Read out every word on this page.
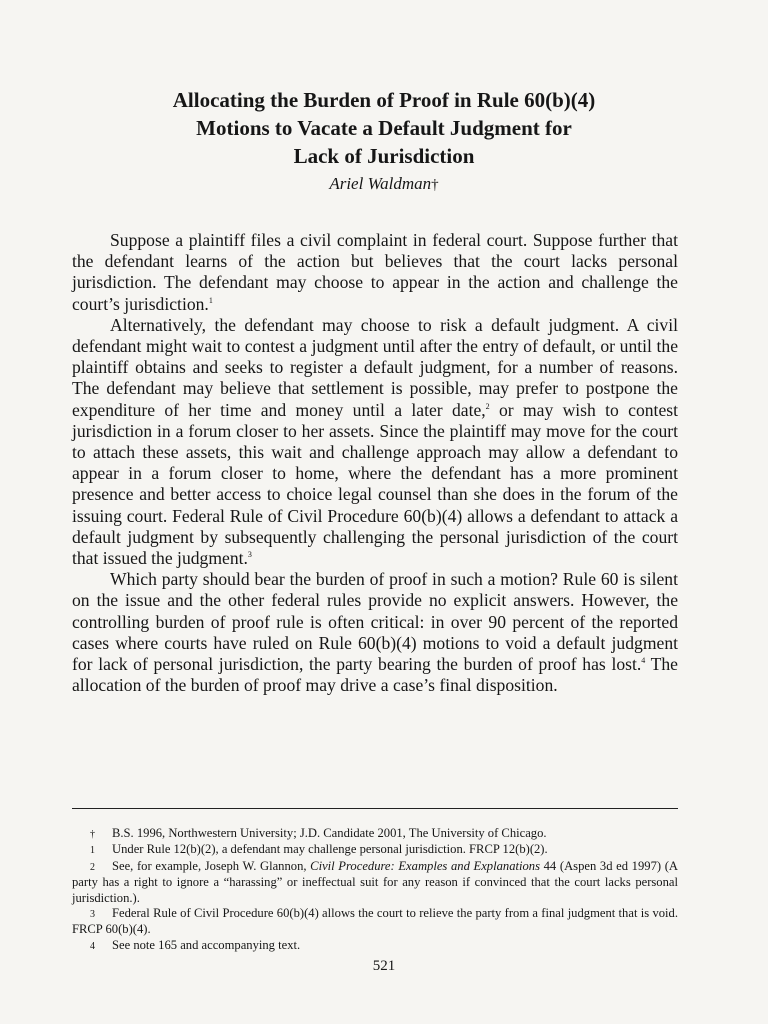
Allocating the Burden of Proof in Rule 60(b)(4)
Motions to Vacate a Default Judgment for
Lack of Jurisdiction
Ariel Waldman†

Suppose a plaintiff files a civil complaint in federal court. Suppose further that the defendant learns of the action but believes that the court lacks personal jurisdiction. The defendant may choose to appear in the action and challenge the court’s jurisdiction.$^1$

Alternatively, the defendant may choose to risk a default judgment. A civil defendant might wait to contest a judgment until after the entry of default, or until the plaintiff obtains and seeks to register a default judgment, for a number of reasons. The defendant may believe that settlement is possible, may prefer to postpone the expenditure of her time and money until a later date,$^2$ or may wish to contest jurisdiction in a forum closer to her assets. Since the plaintiff may move for the court to attach these assets, this wait and challenge approach may allow a defendant to appear in a forum closer to home, where the defendant has a more prominent presence and better access to choice legal counsel than she does in the forum of the issuing court. Federal Rule of Civil Procedure 60(b)(4) allows a defendant to attack a default judgment by subsequently challenging the personal jurisdiction of the court that issued the judgment.$^3$

Which party should bear the burden of proof in such a motion? Rule 60 is silent on the issue and the other federal rules provide no explicit answers. However, the controlling burden of proof rule is often critical: in over 90 percent of the reported cases where courts have ruled on Rule 60(b)(4) motions to void a default judgment for lack of personal jurisdiction, the party bearing the burden of proof has lost.$^4$ The allocation of the burden of proof may drive a case’s final disposition.

† B.S. 1996, Northwestern University; J.D. Candidate 2001, The University of Chicago.

1 Under Rule 12(b)(2), a defendant may challenge personal jurisdiction. FRCP 12(b)(2).

2 See, for example, Joseph W. Glannon, Civil Procedure: Examples and Explanations 44 (Aspen 3d ed 1997) (A party has a right to ignore a “harassing” or ineffectual suit for any reason if convinced that the court lacks personal jurisdiction.).

3 Federal Rule of Civil Procedure 60(b)(4) allows the court to relieve the party from a final judgment that is void. FRCP 60(b)(4).

4 See note 165 and accompanying text.

521
